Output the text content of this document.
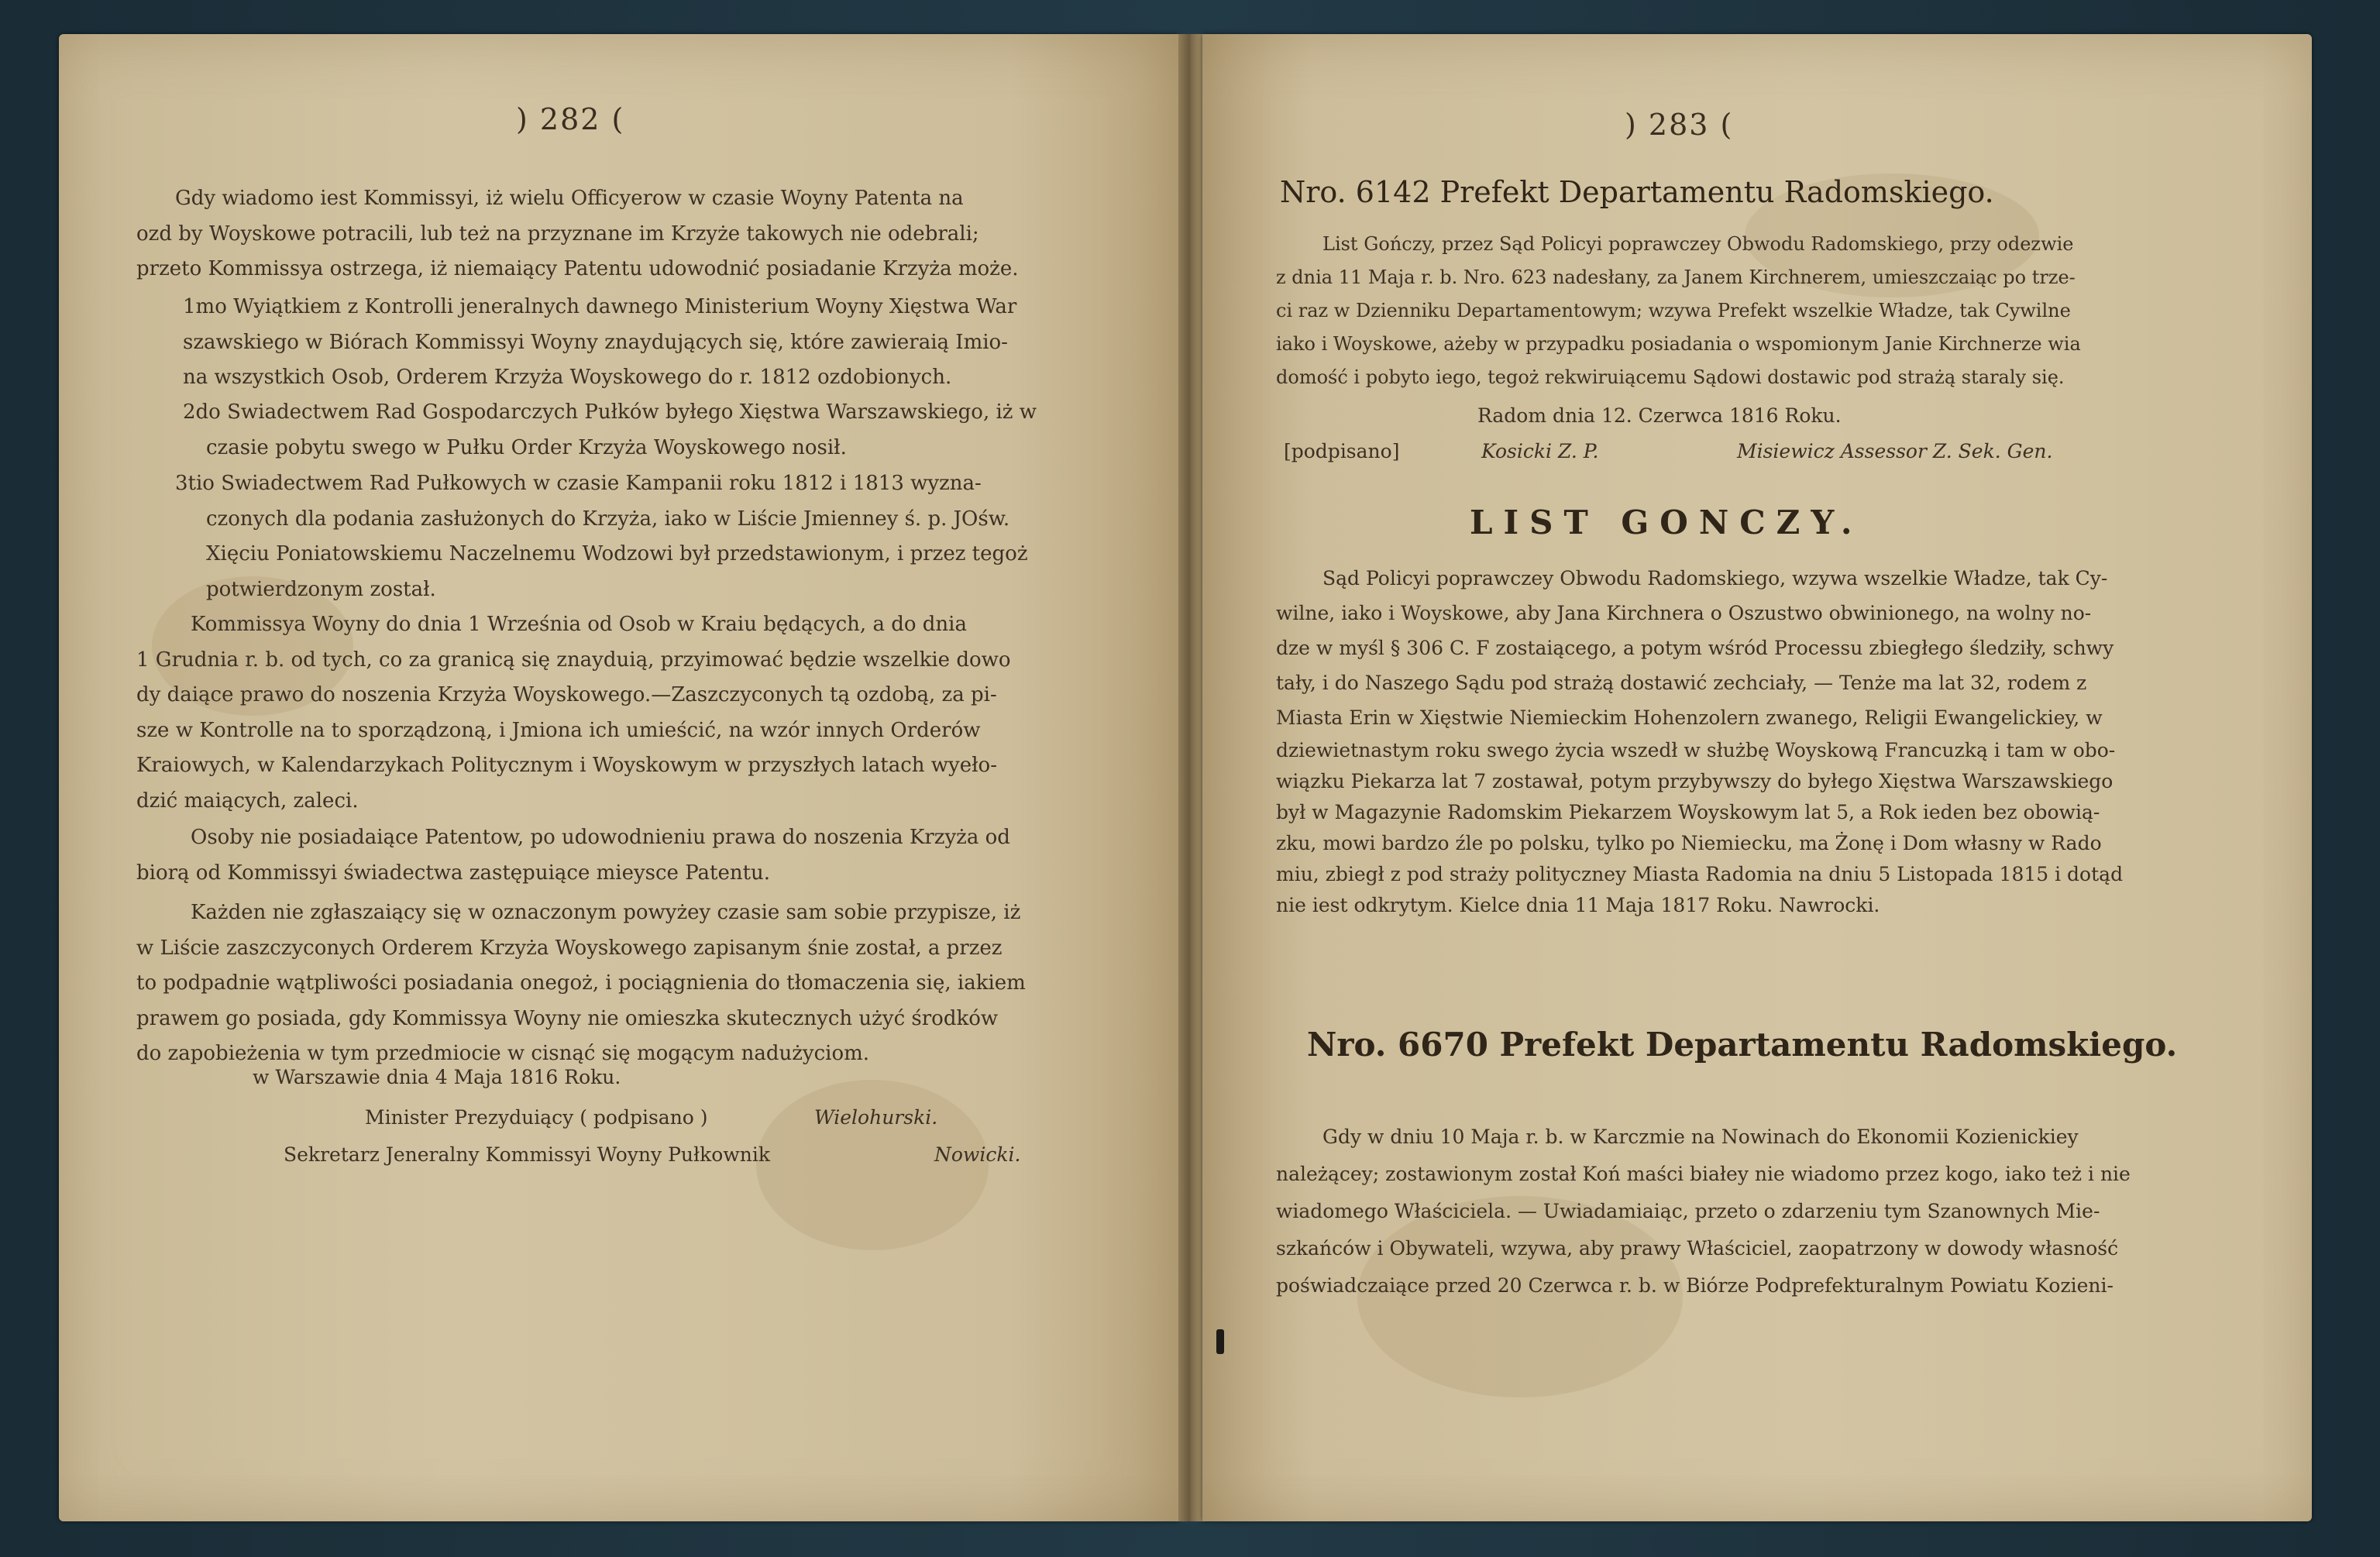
) 282 (
Gdy wiadomo iest Kommissyi, iż wielu Officyerow w czasie Woyny Patenta na
ozd by Woyskowe potracili, lub też na przyznane im Krzyże takowych nie odebrali;
przeto Kommissya ostrzega, iż niemaiący Patentu udowodnić posiadanie Krzyża może.
1mo Wyiątkiem z Kontrolli jeneralnych dawnego Ministerium Woyny Xięstwa War
szawskiego w Biórach Kommissyi Woyny znaydujących się, które zawieraią Imio-
na wszystkich Osob, Orderem Krzyża Woyskowego do r. 1812 ozdobionych.
2do Swiadectwem Rad Gospodarczych Pułków byłego Xięstwa Warszawskiego, iż w
czasie pobytu swego w Pułku Order Krzyża Woyskowego nosił.
3tio Swiadectwem Rad Pułkowych w czasie Kampanii roku 1812 i 1813 wyzna-
czonych dla podania zasłużonych do Krzyża, iako w Liście Jmienney ś. p. JOśw.
Xięciu Poniatowskiemu Naczelnemu Wodzowi był przedstawionym, i przez tegoż
potwierdzonym został.
Kommissya Woyny do dnia 1 Września od Osob w Kraiu będących, a do dnia
1 Grudnia r. b. od tych, co za granicą się znayduią, przyimować będzie wszelkie dowo
dy daiące prawo do noszenia Krzyża Woyskowego.—Zaszczyconych tą ozdobą, za pi-
sze w Kontrolle na to sporządzoną, i Jmiona ich umieścić, na wzór innych Orderów
Kraiowych, w Kalendarzykach Politycznym i Woyskowym w przyszłych latach wyeło-
dzić maiących, zaleci.
Osoby nie posiadaiące Patentow, po udowodnieniu prawa do noszenia Krzyża od
biorą od Kommissyi świadectwa zastępuiące mieysce Patentu.
Każden nie zgłaszaiący się w oznaczonym powyżey czasie sam sobie przypisze, iż
w Liście zaszczyconych Orderem Krzyża Woyskowego zapisanym śnie został, a przez
to podpadnie wątpliwości posiadania onegoż, i pociągnienia do tłomaczenia się, iakiem
prawem go posiada, gdy Kommissya Woyny nie omieszka skutecznych użyć środków
do zapobieżenia w tym przedmiocie w cisnąć się mogącym nadużyciom.
w Warszawie dnia 4 Maja 1816 Roku.
Minister Prezyduiący ( podpisano )	Wielohurski.
Sekretarz Jeneralny Kommissyi Woyny Pułkownik	Nowicki.
) 283 (
Nro. 6142 Prefekt Departamentu Radomskiego.
List Gończy, przez Sąd Policyi poprawczey Obwodu Radomskiego, przy odezwie
z dnia 11 Maja r. b. Nro. 623 nadesłany, za Janem Kirchnerem, umieszczaiąc po trze-
ci raz w Dzienniku Departamentowym; wzywa Prefekt wszelkie Władze, tak Cywilne
iako i Woyskowe, ażeby w przypadku posiadania o wspomionym Janie Kirchnerze wia
domość i pobyto iego, tegoż rekwiruiącemu Sądowi dostawic pod strażą staraly się.
Radom dnia 12. Czerwca 1816 Roku.
[podpisano]	Kosicki Z. P.	Misiewicz Assessor Z. Sek. Gen.
LIST GONCZY.
Sąd Policyi poprawczey Obwodu Radomskiego, wzywa wszelkie Władze, tak Cy-
wilne, iako i Woyskowe, aby Jana Kirchnera o Oszustwo obwinionego, na wolny no-
dze w myśl § 306 C. F zostaiącego, a potym wśród Processu zbiegłego śledziły, schwy
tały, i do Naszego Sądu pod strażą dostawić zechciały, — Tenże ma lat 32, rodem z
Miasta Erin w Xięstwie Niemieckim Hohenzolern zwanego, Religii Ewangelickiey, w
dziewietnastym roku swego życia wszedł w służbę Woyskową Francuzką i tam w obo-
wiązku Piekarza lat 7 zostawał, potym przybywszy do byłego Xięstwa Warszawskiego
był w Magazynie Radomskim Piekarzem Woyskowym lat 5, a Rok ieden bez obowią-
zku, mowi bardzo źle po polsku, tylko po Niemiecku, ma Żonę i Dom własny w Rado
miu, zbiegł z pod straży polityczney Miasta Radomia na dniu 5 Listopada 1815 i dotąd
nie iest odkrytym. Kielce dnia 11 Maja 1817 Roku. Nawrocki.
Nro. 6670 Prefekt Departamentu Radomskiego.
Gdy w dniu 10 Maja r. b. w Karczmie na Nowinach do Ekonomii Kozienickiey
należącey; zostawionym został Koń maści białey nie wiadomo przez kogo, iako też i nie
wiadomego Właściciela. — Uwiadamiaiąc, przeto o zdarzeniu tym Szanownych Mie-
szkańców i Obywateli, wzywa, aby prawy Właściciel, zaopatrzony w dowody własność
poświadczaiące przed 20 Czerwca r. b. w Biórze Podprefekturalnym Powiatu Kozieni-
